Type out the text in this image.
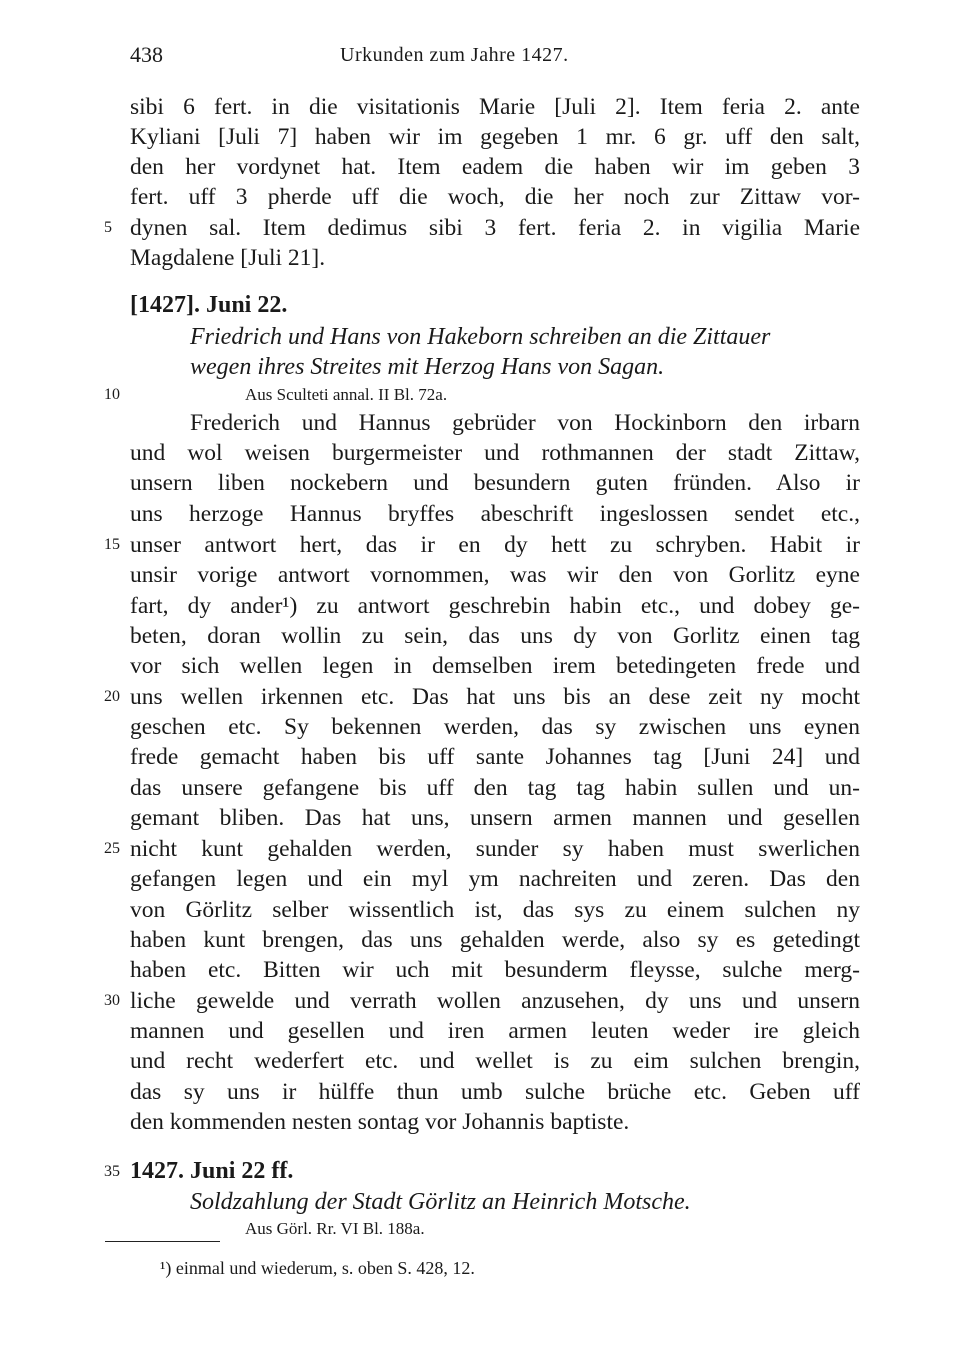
438	Urkunden zum Jahre 1427.
sibi 6 fert. in die visitationis Marie [Juli 2]. Item feria 2. ante
Kyliani [Juli 7] haben wir im gegeben 1 mr. 6 gr. uff den salt,
den her vordynet hat. Item eadem die haben wir im geben 3
fert. uff 3 pherde uff die woch, die her noch zur Zittaw vor-
5 dynen sal. Item dedimus sibi 3 fert. feria 2. in vigilia Marie
Magdalene [Juli 21].
[1427]. Juni 22.
Friedrich und Hans von Hakeborn schreiben an die Zittauer
wegen ihres Streites mit Herzog Hans von Sagan.
10	Aus Sculteti annal. II Bl. 72a.
Frederich und Hannus gebrüder von Hockinborn den irbarn
und wol weisen burgermeister und rothmannen der stadt Zittaw,
unsern liben nockebern und besundern guten fründen. Also ir
uns herzoge Hannus bryffes abeschrift ingeslossen sendet etc.,
15 unser antwort hert, das ir en dy hett zu schryben. Habit ir
unsir vorige antwort vornommen, was wir den von Gorlitz eyne
fart, dy ander¹) zu antwort geschrebin habin etc., und dobey ge-
beten, doran wollin zu sein, das uns dy von Gorlitz einen tag
vor sich wellen legen in demselben irem betedingeten frede und
20 uns wellen irkennen etc. Das hat uns bis an dese zeit ny mocht
geschen etc. Sy bekennen werden, das sy zwischen uns eynen
frede gemacht haben bis uff sante Johannes tag [Juni 24] und
das unsere gefangene bis uff den tag tag habin sullen und un-
gemant bliben. Das hat uns, unsern armen mannen und gesellen
25 nicht kunt gehalden werden, sunder sy haben must swerlichen
gefangen legen und ein myl ym nachreiten und zeren. Das den
von Görlitz selber wissentlich ist, das sys zu einem sulchen ny
haben kunt brengen, das uns gehalden werde, also sy es getedingt
haben etc. Bitten wir uch mit besunderm fleysse, sulche merg-
30 liche gewelde und verrath wollen anzusehen, dy uns und unsern
mannen und gesellen und iren armen leuten weder ire gleich
und recht wederfert etc. und wellet is zu eim sulchen brengin,
das sy uns ir hülffe thun umb sulche brüche etc. Geben uff
den kommenden nesten sontag vor Johannis baptiste.
35 1427. Juni 22 ff.
Soldzahlung der Stadt Görlitz an Heinrich Motsche.
Aus Görl. Rr. VI Bl. 188a.
¹) einmal und wiederum, s. oben S. 428, 12.
